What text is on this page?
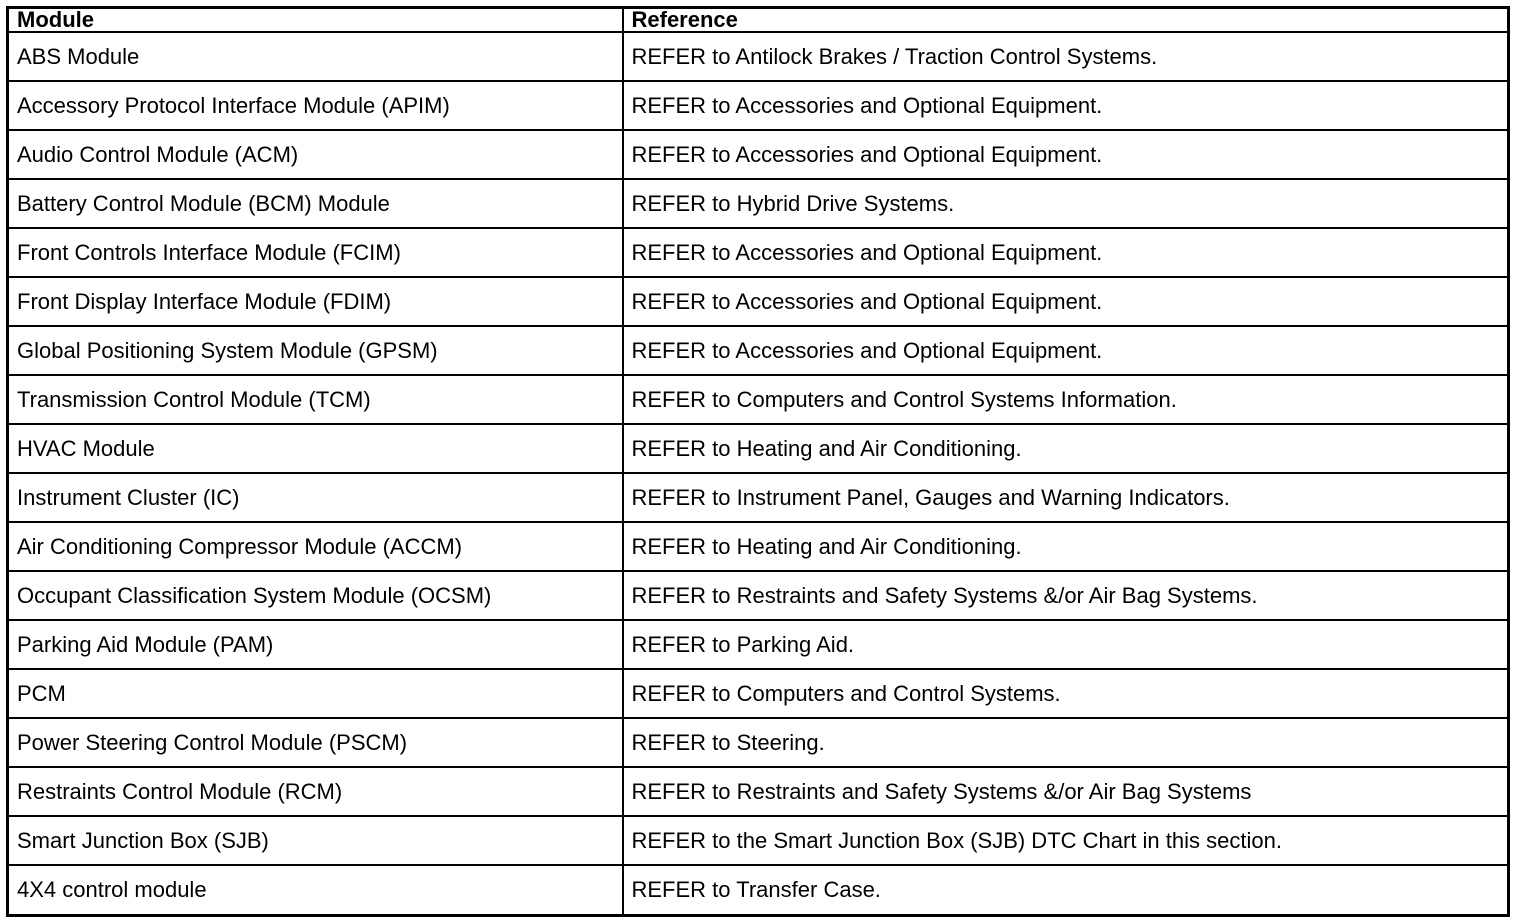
Module	Reference
ABS Module	REFER to Antilock Brakes / Traction Control Systems.
Accessory Protocol Interface Module (APIM)	REFER to Accessories and Optional Equipment.
Audio Control Module (ACM)	REFER to Accessories and Optional Equipment.
Battery Control Module (BCM) Module	REFER to Hybrid Drive Systems.
Front Controls Interface Module (FCIM)	REFER to Accessories and Optional Equipment.
Front Display Interface Module (FDIM)	REFER to Accessories and Optional Equipment.
Global Positioning System Module (GPSM)	REFER to Accessories and Optional Equipment.
Transmission Control Module (TCM)	REFER to Computers and Control Systems Information.
HVAC Module	REFER to Heating and Air Conditioning.
Instrument Cluster (IC)	REFER to Instrument Panel, Gauges and Warning Indicators.
Air Conditioning Compressor Module (ACCM)	REFER to Heating and Air Conditioning.
Occupant Classification System Module (OCSM)	REFER to Restraints and Safety Systems &/or Air Bag Systems.
Parking Aid Module (PAM)	REFER to Parking Aid.
PCM	REFER to Computers and Control Systems.
Power Steering Control Module (PSCM)	REFER to Steering.
Restraints Control Module (RCM)	REFER to Restraints and Safety Systems &/or Air Bag Systems
Smart Junction Box (SJB)	REFER to the Smart Junction Box (SJB) DTC Chart in this section.
4X4 control module	REFER to Transfer Case.
